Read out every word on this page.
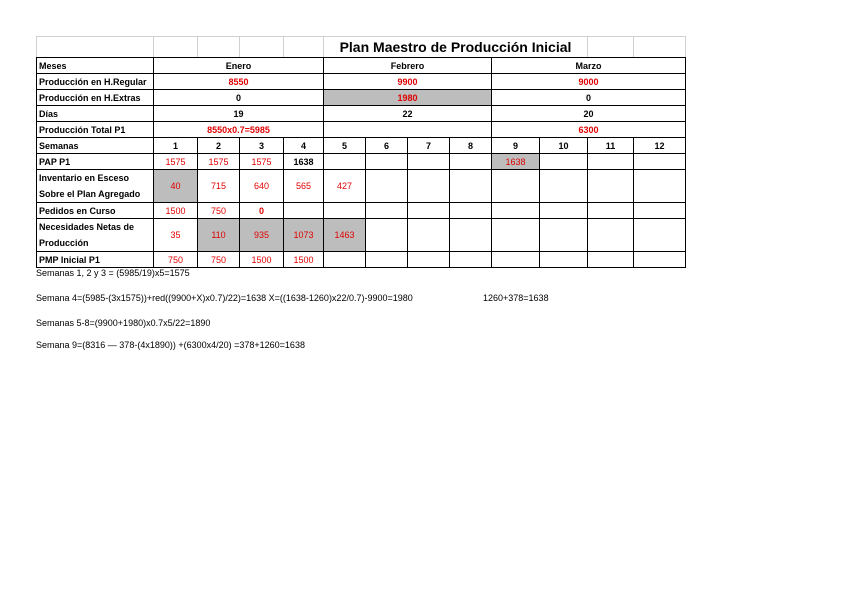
					Plan Maestro de Producción Inicial							
Meses	Enero				Febrero				Marzo			
Producción en H.Regular	8550				9900				9000			
Producción en H.Extras	0				1980				0			
Días	19				22				20			
Producción Total P1	8550x0.7=5985								6300			
Semanas	1	2	3	4	5	6	7	8	9	10	11	12
PAP P1	1575	1575	1575	1638					1638			
Inventario en Esceso
Sobre el Plan Agregado	40	715	640	565	427							
Pedidos en Curso	1500	750	0									
Necesidades Netas de
Producción	35	110	935	1073	1463							
PMP Inicial P1	750	750	1500	1500								
Semanas 1, 2 y 3 = (5985/19)x5=1575
Semana 4=(5985-(3x1575))+red((9900+X)x0.7)/22)=1638 X=((1638-1260)x22/0.7)-9900=1980	1260+378=1638
Semanas 5-8=(9900+1980)x0.7x5/22=1890
Semana 9=(8316 — 378-(4x1890)) +(6300x4/20) =378+1260=1638
